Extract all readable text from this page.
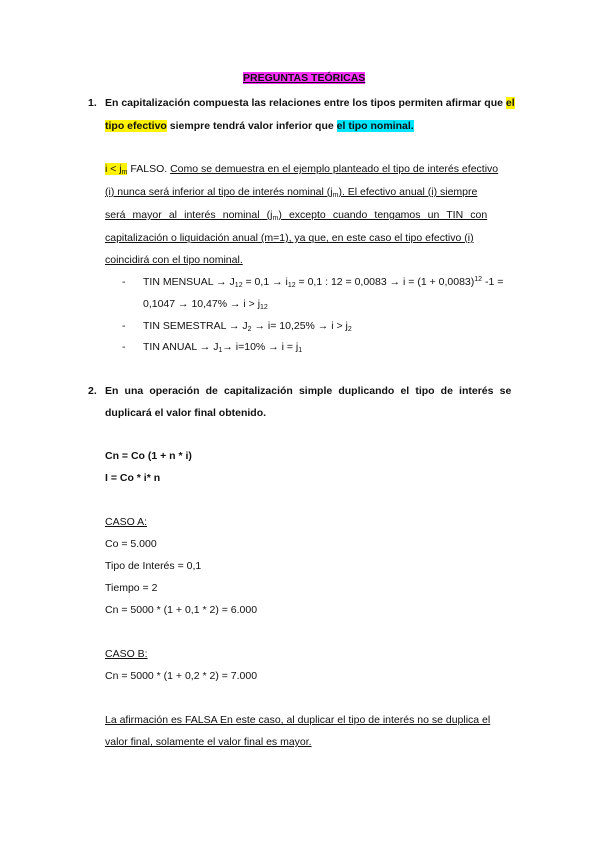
PREGUNTAS TEÓRICAS
1. En capitalización compuesta las relaciones entre los tipos permiten afirmar que el
tipo efectivo siempre tendrá valor inferior que el tipo nominal.
$i < j_m$ FALSO. Como se demuestra en el ejemplo planteado el tipo de interés efectivo
(i) nunca será inferior al tipo de interés nominal $(j_m)$. El efectivo anual (i) siempre
será mayor al interés nominal $(j_m)$ excepto cuando tengamos un TIN con
capitalización o liquidación anual (m=1), ya que, en este caso el tipo efectivo (i)
coincidirá con el tipo nominal.
- TIN MENSUAL → $J_{12} = 0,1 \to i_{12} = 0,1$ : $12 = 0,0083 \to i = (1 + 0,0083)^{12}$ -1 =
$0,1047 \to 10,47\% \to i > j_{12}$
- TIN SEMESTRAL → $J_2 \to i= 10,25\% \to i > j_2$
- TIN ANUAL → $J_1\to i=10\% \to i = j_1$
2. En una operación de capitalización simple duplicando el tipo de interés se
duplicará el valor final obtenido.
Cn = Co (1 + n * i)
I = Co * i* n
CASO A:
Co = 5.000
Tipo de Interés = 0,1
Tiempo = 2
Cn = 5000 * (1 + 0,1 * 2) = 6.000
CASO B:
Cn = 5000 * (1 + 0,2 * 2) = 7.000
La afirmación es FALSA En este caso, al duplicar el tipo de interés no se duplica el
valor final, solamente el valor final es mayor.
